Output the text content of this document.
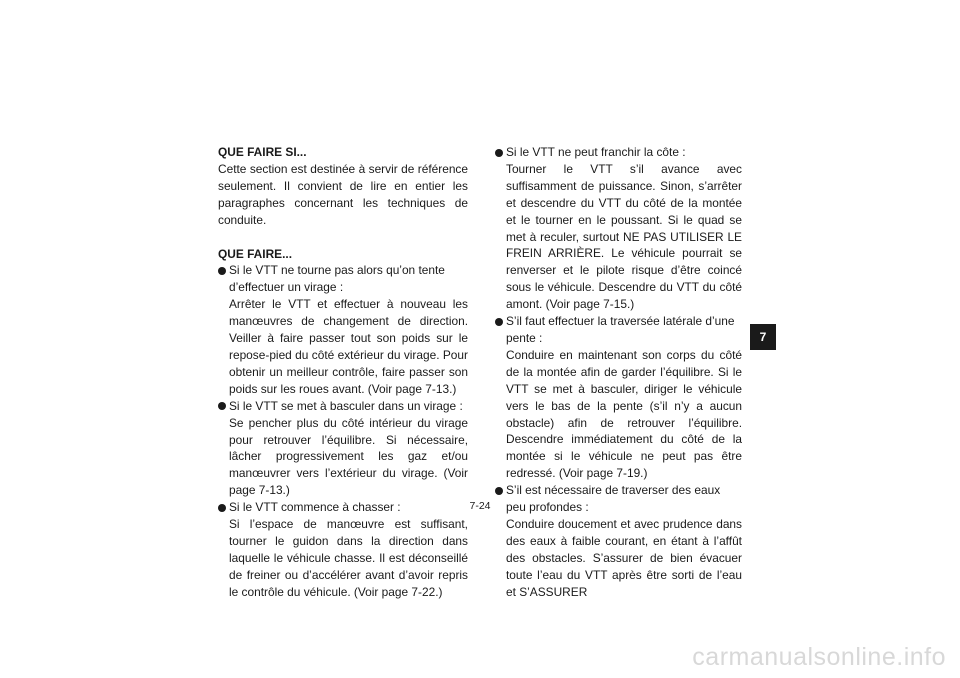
QUE FAIRE SI...

Cette section est destinée à servir de référence seulement. Il convient de lire en entier les paragraphes concernant les techniques de conduite.

QUE FAIRE...

Si le VTT ne tourne pas alors qu’on tente d’effectuer un virage :
Arrêter le VTT et effectuer à nouveau les manœuvres de changement de direction. Veiller à faire passer tout son poids sur le repose-pied du côté extérieur du virage. Pour obtenir un meilleur contrôle, faire passer son poids sur les roues avant. (Voir page 7-13.)
Si le VTT se met à basculer dans un virage :
Se pencher plus du côté intérieur du virage pour retrouver l’équilibre. Si nécessaire, lâcher progressivement les gaz et/ou manœuvrer vers l’extérieur du virage. (Voir page 7-13.)
Si le VTT commence à chasser :
Si l’espace de manœuvre est suffisant, tourner le guidon dans la direction dans laquelle le véhicule chasse. Il est déconseillé de freiner ou d’accélérer avant d’avoir repris le contrôle du véhicule. (Voir page 7-22.)
Si le VTT ne peut franchir la côte :
Tourner le VTT s’il avance avec suffisamment de puissance. Sinon, s’arrêter et descendre du VTT du côté de la montée et le tourner en le poussant. Si le quad se met à reculer, surtout NE PAS UTILISER LE FREIN ARRIÈRE. Le véhicule pourrait se renverser et le pilote risque d’être coincé sous le véhicule. Descendre du VTT du côté amont. (Voir page 7-15.)
S’il faut effectuer la traversée latérale d’une pente :
Conduire en maintenant son corps du côté de la montée afin de garder l’équilibre. Si le VTT se met à basculer, diriger le véhicule vers le bas de la pente (s’il n’y a aucun obstacle) afin de retrouver l’équilibre. Descendre immédiatement du côté de la montée si le véhicule ne peut pas être redressé. (Voir page 7-19.)
S’il est nécessaire de traverser des eaux peu profondes :
Conduire doucement et avec prudence dans des eaux à faible courant, en étant à l’affût des obstacles. S’assurer de bien évacuer toute l’eau du VTT après être sorti de l’eau et S’ASSURER
7
7-24
carmanualsonline.info
